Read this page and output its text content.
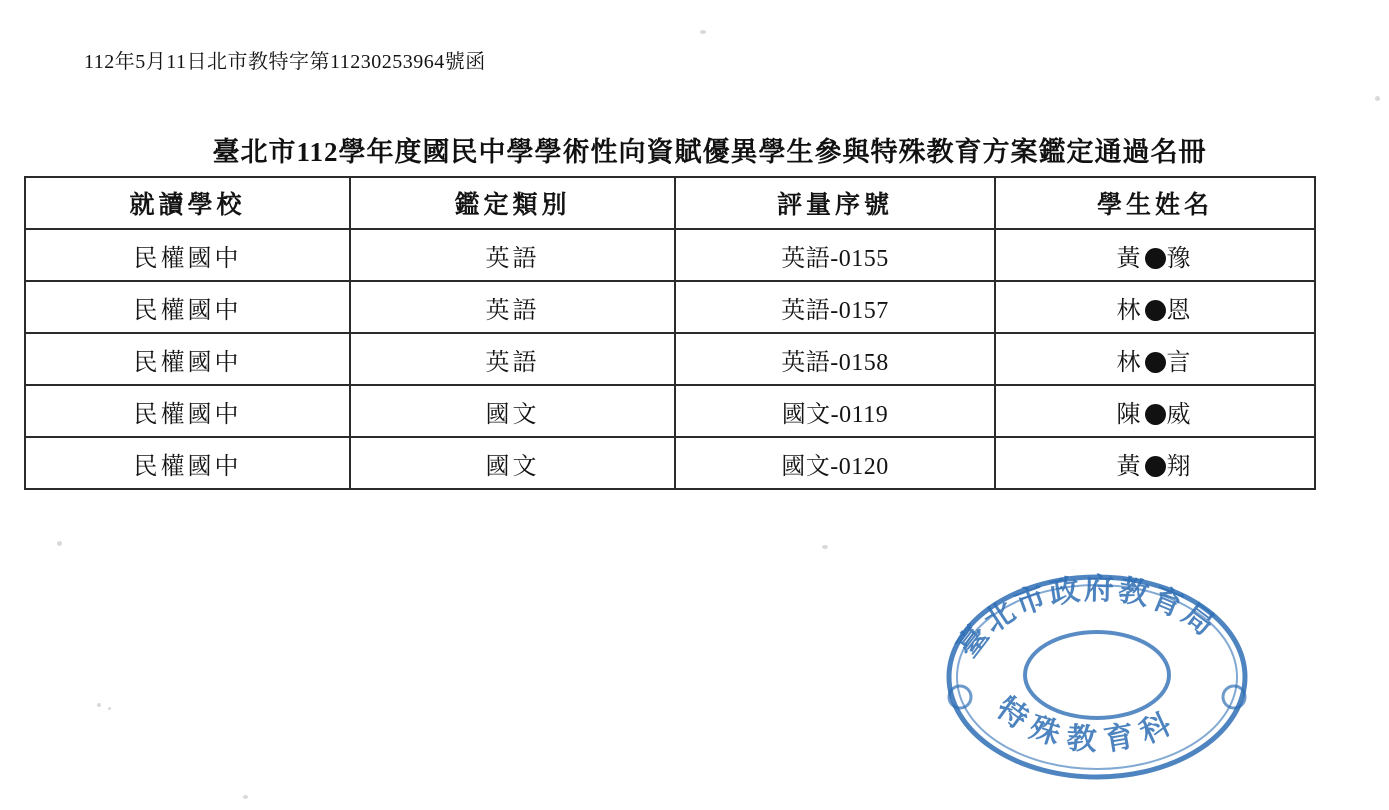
112年5月11日北市教特字第11230253964號函
臺北市112學年度國民中學學術性向資賦優異學生參與特殊教育方案鑑定通過名冊
就讀學校	鑑定類別	評量序號	學生姓名
民權國中	英語	英語-0155	黃 豫
民權國中	英語	英語-0157	林 恩
民權國中	英語	英語-0158	林 言
民權國中	國文	國文-0119	陳 威
民權國中	國文	國文-0120	黃 翔
臺北市政府教育局
特殊教育科
